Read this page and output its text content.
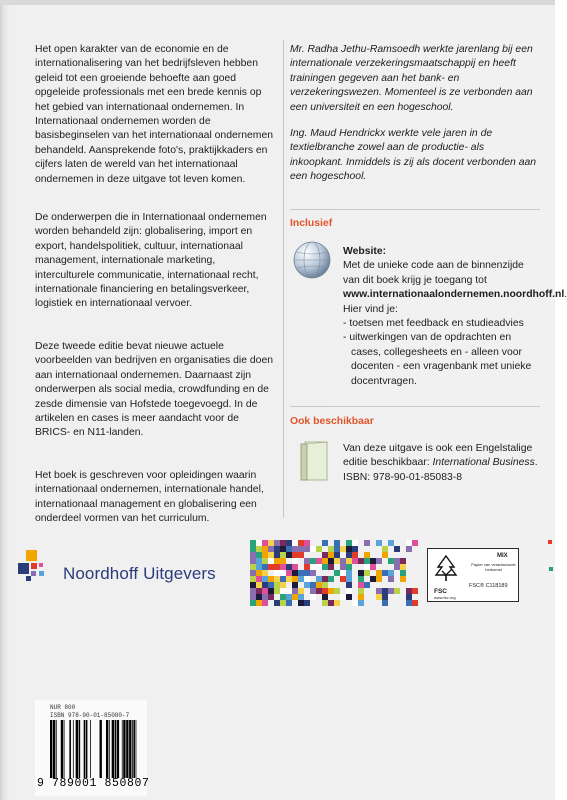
Het open karakter van de economie en de internationalisering van het bedrijfsleven hebben geleid tot een groeiende behoefte aan goed opgeleide professionals met een brede kennis op het gebied van internationaal ondernemen. In Internationaal ondernemen worden de basisbeginselen van het internationaal ondernemen behandeld. Aansprekende foto's, praktijkkaders en cijfers laten de wereld van het internationaal ondernemen in deze uitgave tot leven komen.

De onderwerpen die in Internationaal ondernemen worden behandeld zijn: globalisering, import en export, handelspolitiek, cultuur, internationaal management, internationale marketing, interculturele communicatie, internationaal recht, internationale financiering en betalingsverkeer, logistiek en internationaal vervoer.

Deze tweede editie bevat nieuwe actuele voorbeelden van bedrijven en organisaties die doen aan internationaal ondernemen. Daarnaast zijn onderwerpen als social media, crowdfunding en de zesde dimensie van Hofstede toegevoegd. In de artikelen en cases is meer aandacht voor de BRICS- en N11-landen.

Het boek is geschreven voor opleidingen waarin internationaal ondernemen, internationale handel, internationaal management en globalisering een onderdeel vormen van het curriculum.

Mr. Radha Jethu-Ramsoedh werkte jarenlang bij een internationale verzekeringsmaatschappij en heeft trainingen gegeven aan het bank- en verzekeringswezen. Momenteel is ze verbonden aan een universiteit en een hogeschool.

Ing. Maud Hendrickx werkte vele jaren in de textielbranche zowel aan de productie- als inkoopkant. Inmiddels is zij als docent verbonden aan een hogeschool.

Inclusief
Website:
Met de unieke code aan de binnenzijde van dit boek krijg je toegang tot www.internationaalondernemen.noordhoff.nl. Hier vind je:
- toetsen met feedback en studieadvies
- uitwerkingen van de opdrachten en cases, collegesheets en - alleen voor docenten - een vragenbank met unieke docentvragen.
Ook beschikbaar
Van deze uitgave is ook een Engelstalige editie beschikbaar: International Business.
ISBN: 978-90-01-85083-8
Noordhoff Uitgevers
FSC
www.fsc.org
MIX
Papier van verantwoorde herkomst
FSC® C118189
NUR 800
ISBN 978-90-01-85080-7
9 789001 850807
